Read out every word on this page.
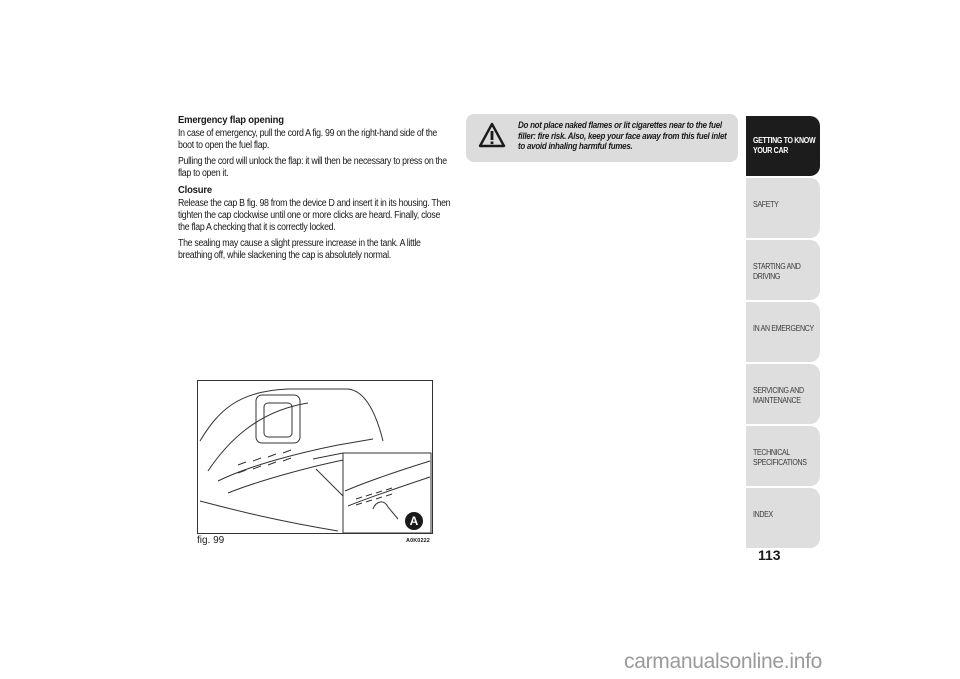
Emergency flap opening

In case of emergency, pull the cord A fig. 99 on the right-hand side of the boot to open the fuel flap.

Pulling the cord will unlock the flap: it will then be necessary to press on the flap to open it.

Closure

Release the cap B fig. 98 from the device D and insert it in its housing. Then tighten the cap clockwise until one or more clicks are heard. Finally, close the flap A checking that it is correctly locked.

The sealing may cause a slight pressure increase in the tank. A little breathing off, while slackening the cap is absolutely normal.

Do not place naked flames or lit cigarettes near to the fuel filler: fire risk. Also, keep your face away from this fuel inlet to avoid inhaling harmful fumes.
A
fig. 99	A0K0222
GETTING TO KNOW YOUR CAR
SAFETY
STARTING AND DRIVING
IN AN EMERGENCY
SERVICING AND MAINTENANCE
TECHNICAL SPECIFICATIONS
INDEX
113
carmanualsonline.info
